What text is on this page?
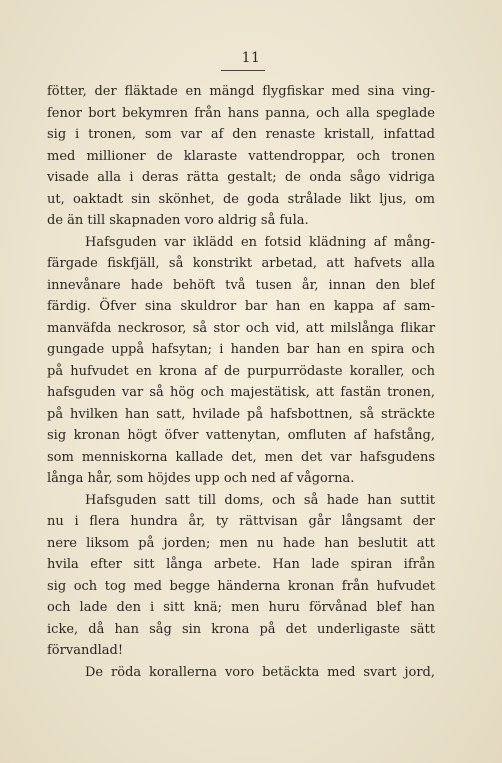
11
fötter, der fläktade en mängd flygfiskar med sina ving-
fenor bort bekymren från hans panna, och alla speglade
sig i tronen, som var af den renaste kristall, infattad
med millioner de klaraste vattendroppar, och tronen
visade alla i deras rätta gestalt; de onda sågo vidriga
ut, oaktadt sin skönhet, de goda strålade likt ljus, om
de än till skapnaden voro aldrig så fula.
Hafsguden var iklädd en fotsid klädning af mång-
färgade fiskfjäll, så konstrikt arbetad, att hafvets alla
innevånare hade behöft två tusen år, innan den blef
färdig. Öfver sina skuldror bar han en kappa af sam-
manväfda neckrosor, så stor och vid, att milslånga flikar
gungade uppå hafsytan; i handen bar han en spira och
på hufvudet en krona af de purpurrödaste koraller, och
hafsguden var så hög och majestätisk, att fastän tronen,
på hvilken han satt, hvilade på hafsbottnen, så sträckte
sig kronan högt öfver vattenytan, omfluten af hafstång,
som menniskorna kallade det, men det var hafsgudens
långa hår, som höjdes upp och ned af vågorna.
Hafsguden satt till doms, och så hade han suttit
nu i flera hundra år, ty rättvisan går långsamt der
nere liksom på jorden; men nu hade han beslutit att
hvila efter sitt långa arbete. Han lade spiran ifrån
sig och tog med begge händerna kronan från hufvudet
och lade den i sitt knä; men huru förvånad blef han
icke, då han såg sin krona på det underligaste sätt
förvandlad!
De röda korallerna voro betäckta med svart jord,
